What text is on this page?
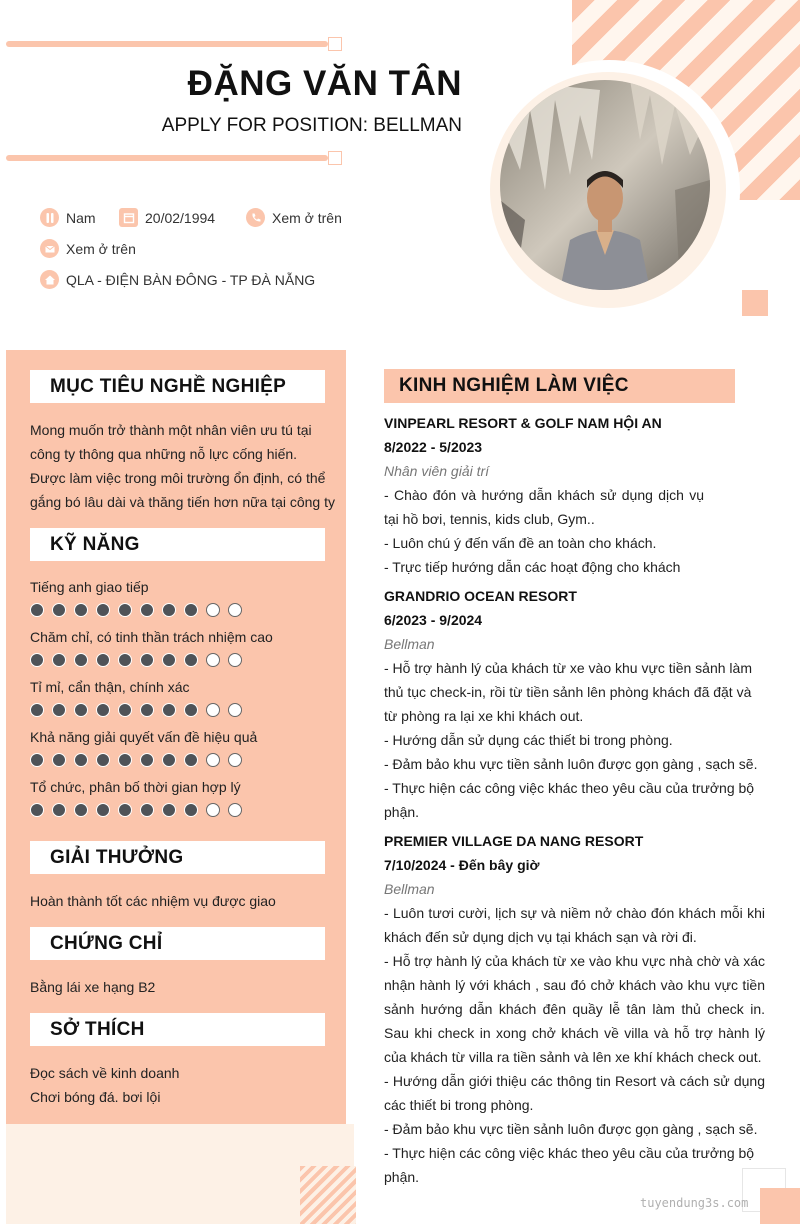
ĐẶNG VĂN TÂN
APPLY FOR POSITION: BELLMAN
Nam	20/02/1994	Xem ở trên
Xem ở trên
QLA - ĐIỆN BÀN ĐÔNG - TP ĐÀ NẴNG
MỤC TIÊU NGHỀ NGHIỆP
Mong muốn trở thành một nhân viên ưu tú tại
công ty thông qua những nỗ lực cống hiến.
Được làm việc trong môi trường ổn định, có thể
gắng bó lâu dài và thăng tiến hơn nữa tại công ty
KỸ NĂNG
Tiếng anh giao tiếp
Chăm chỉ, có tinh thần trách nhiệm cao
Tỉ mỉ, cẩn thận, chính xác
Khả năng giải quyết vấn đề hiệu quả
Tổ chức, phân bố thời gian hợp lý
GIẢI THƯỞNG
Hoàn thành tốt các nhiệm vụ được giao
CHỨNG CHỈ
Bằng lái xe hạng B2
SỞ THÍCH
Đọc sách về kinh doanh
Chơi bóng đá. bơi lội
KINH NGHIỆM LÀM VIỆC
VINPEARL RESORT & GOLF NAM HỘI AN
8/2022 - 5/2023
Nhân viên giải trí
- Chào đón và hướng dẫn khách sử dụng dịch vụ tại hồ bơi, tennis, kids club, Gym..
- Luôn chú ý đến vấn đề an toàn cho khách.
- Trực tiếp hướng dẫn các hoạt động cho khách
GRANDRIO OCEAN RESORT
6/2023 - 9/2024
Bellman
- Hỗ trợ hành lý của khách từ xe vào khu vực tiền sảnh làm thủ tục check-in, rồi từ tiền sảnh lên phòng khách đã đặt và từ phòng ra lại xe khi khách out.
- Hướng dẫn sử dụng các thiết bi trong phòng.
- Đảm bảo khu vực tiền sảnh luôn được gọn gàng , sạch sẽ.
- Thực hiện các công việc khác theo yêu cầu của trưởng bộ phận.
PREMIER VILLAGE DA NANG RESORT
7/10/2024 - Đến bây giờ
Bellman
- Luôn tươi cười, lịch sự và niềm nở chào đón khách mỗi khi khách đến sử dụng dịch vụ tại khách sạn và rời đi.
- Hỗ trợ hành lý của khách từ xe vào khu vực nhà chờ và xác nhận hành lý với khách , sau đó chở khách vào khu vực tiền sảnh hướng dẫn khách đên quầy lễ tân làm thủ check in. Sau khi check in xong chở khách về villa và hỗ trợ hành lý của khách từ villa ra tiền sảnh và lên xe khí khách check out.
- Hướng dẫn giới thiệu các thông tin Resort và cách sử dụng các thiết bi trong phòng.
- Đảm bảo khu vực tiền sảnh luôn được gọn gàng , sạch sẽ.
- Thực hiện các công việc khác theo yêu cầu của trưởng bộ phận.
tuyendung3s.com
